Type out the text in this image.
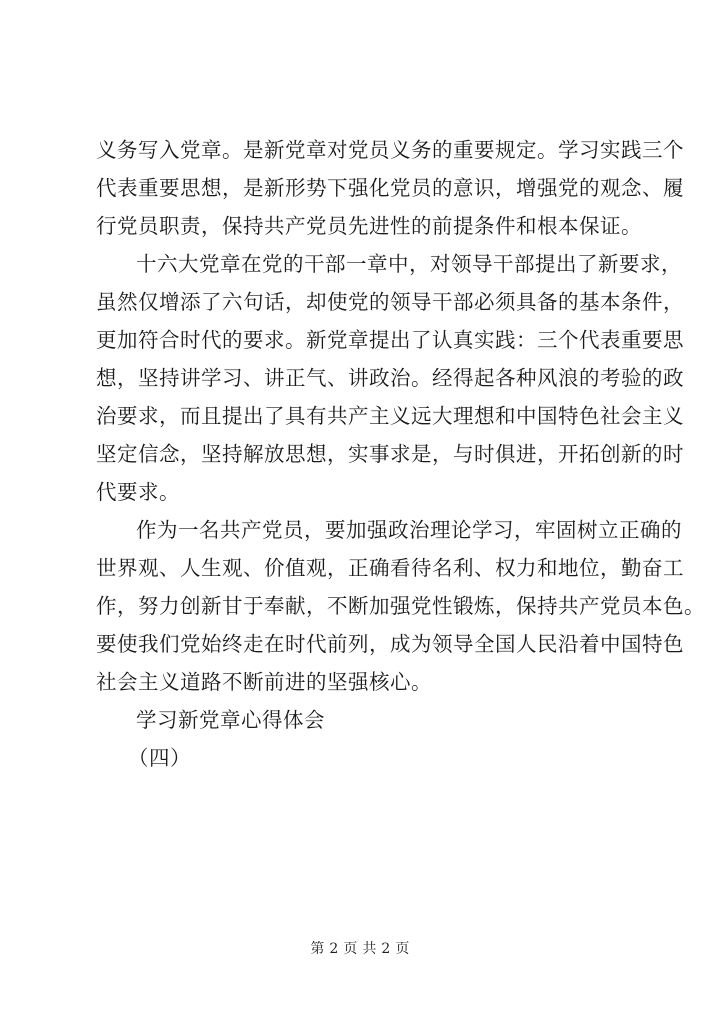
义务写入党章。是新党章对党员义务的重要规定。学习实践三个
代表重要思想，是新形势下强化党员的意识，增强党的观念、履
行党员职责，保持共产党员先进性的前提条件和根本保证。
十六大党章在党的干部一章中，对领导干部提出了新要求，
虽然仅增添了六句话，却使党的领导干部必须具备的基本条件，
更加符合时代的要求。新党章提出了认真实践：三个代表重要思
想，坚持讲学习、讲正气、讲政治。经得起各种风浪的考验的政
治要求，而且提出了具有共产主义远大理想和中国特色社会主义
坚定信念，坚持解放思想，实事求是，与时俱进，开拓创新的时
代要求。
作为一名共产党员，要加强政治理论学习，牢固树立正确的
世界观、人生观、价值观，正确看待名利、权力和地位，勤奋工
作，努力创新甘于奉献，不断加强党性锻炼，保持共产党员本色。
要使我们党始终走在时代前列，成为领导全国人民沿着中国特色
社会主义道路不断前进的坚强核心。
学习新党章心得体会
（四）
第 2 页 共 2 页
